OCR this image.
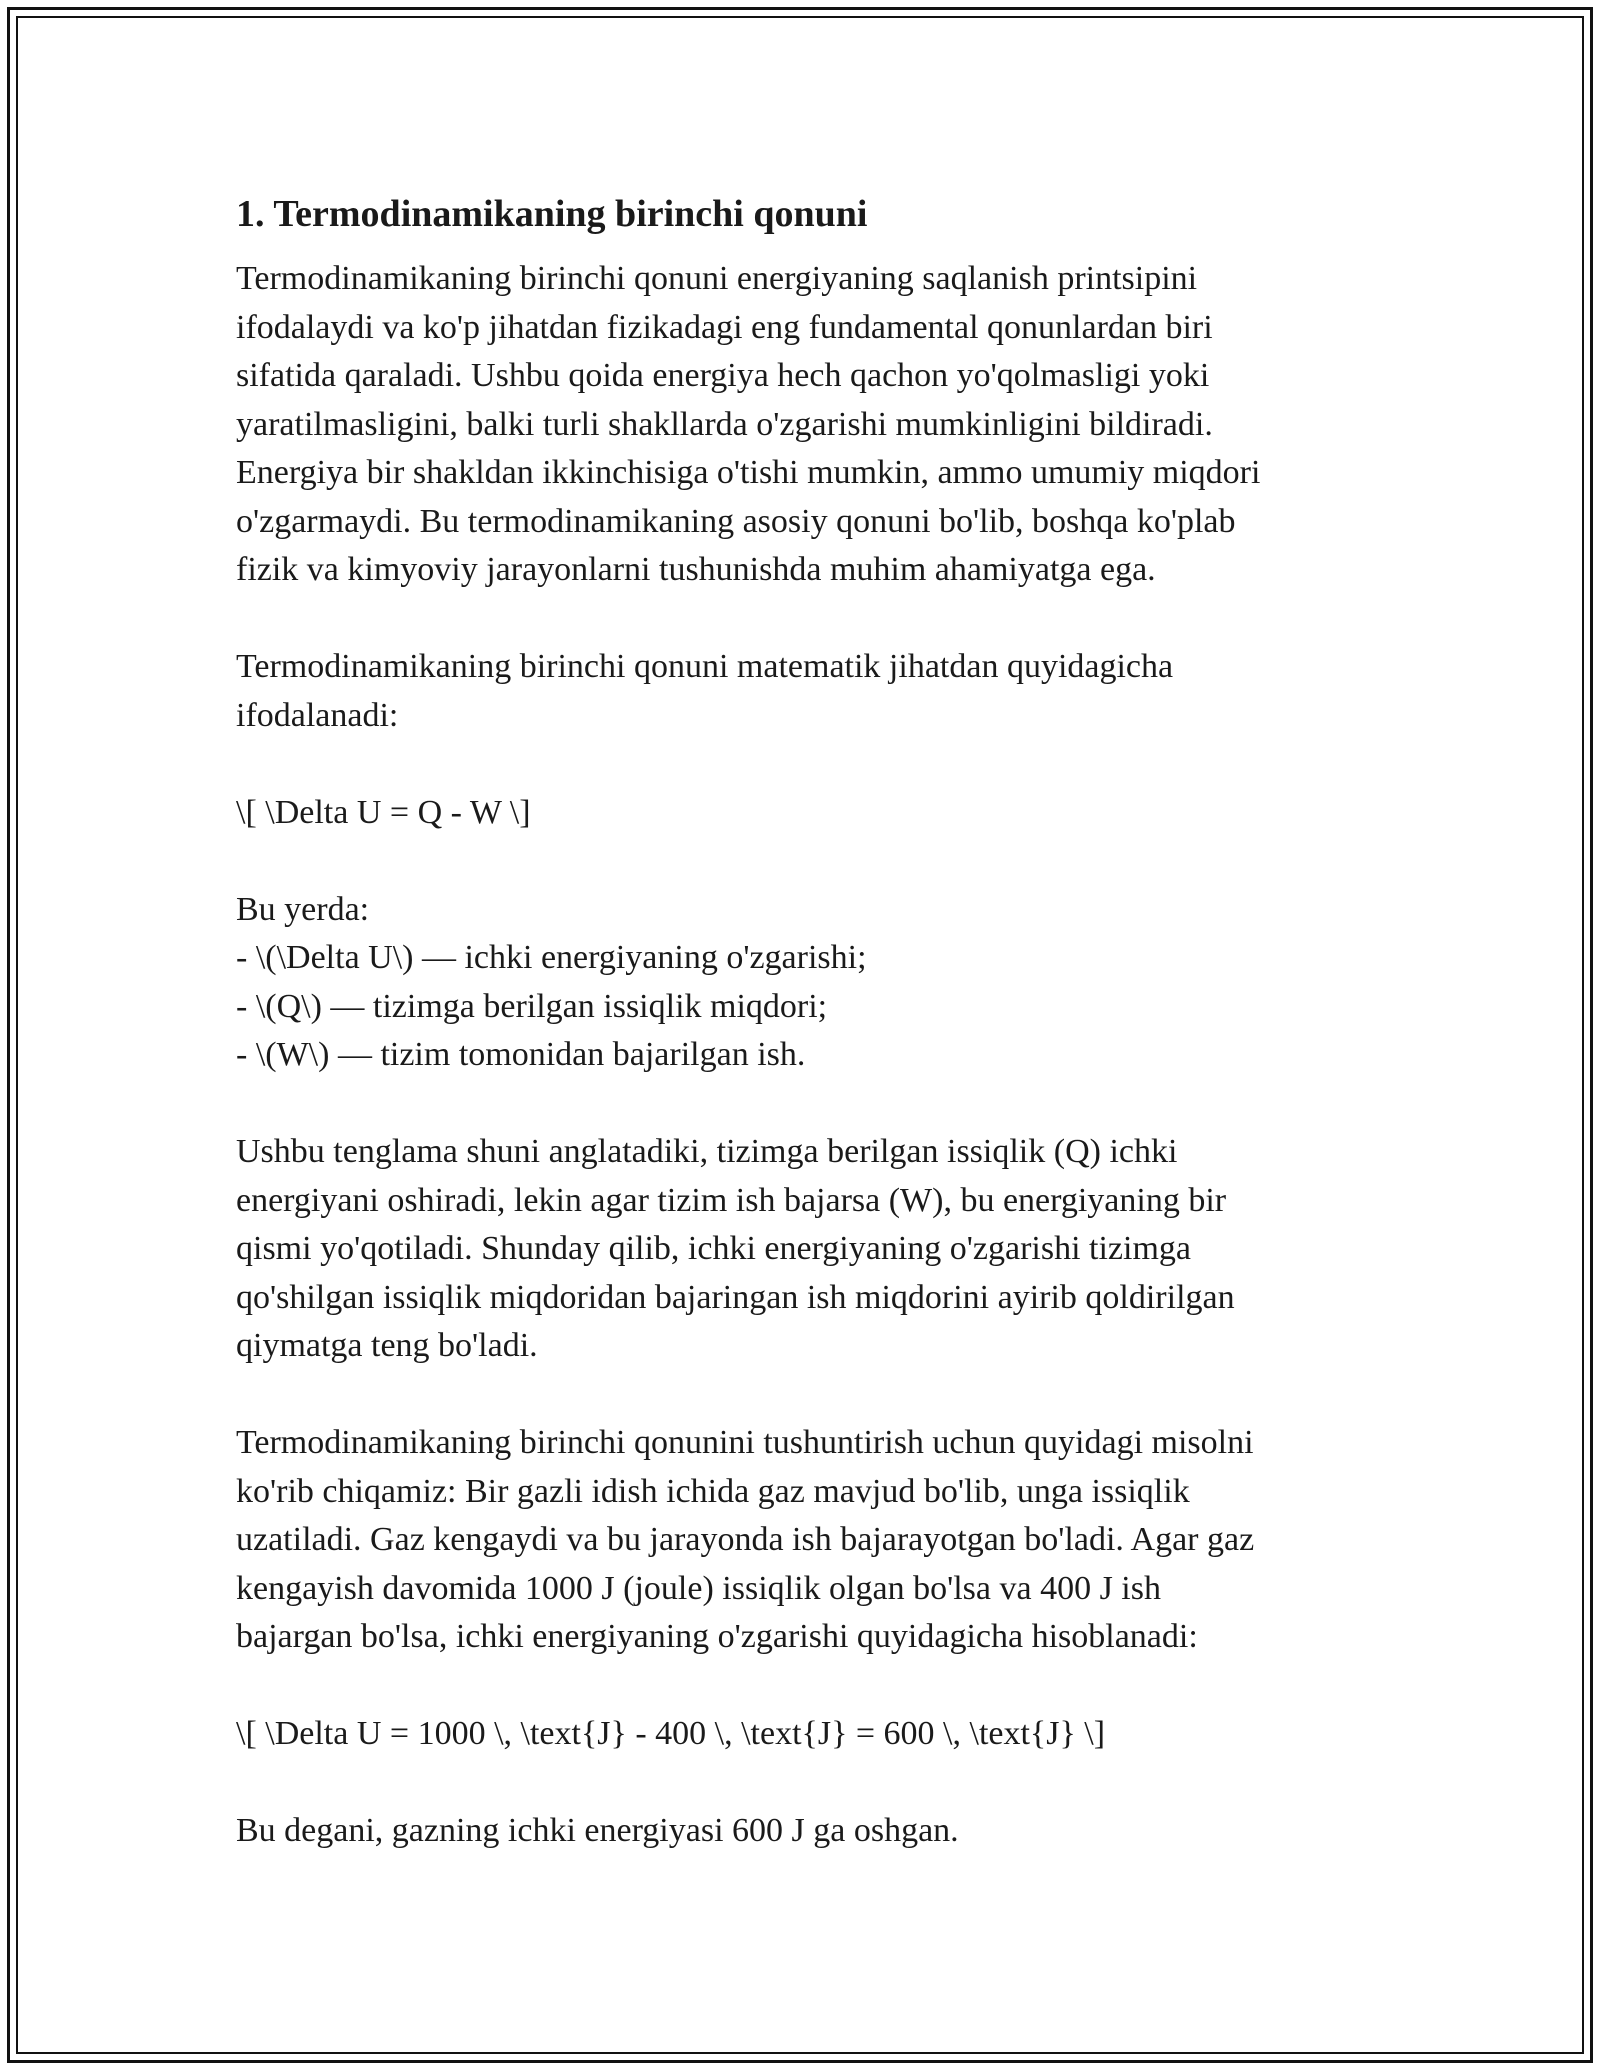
1. Termodinamikaning birinchi qonuni

Termodinamikaning birinchi qonuni energiyaning saqlanish printsipini
ifodalaydi va ko'p jihatdan fizikadagi eng fundamental qonunlardan biri
sifatida qaraladi. Ushbu qoida energiya hech qachon yo'qolmasligi yoki
yaratilmasligini, balki turli shakllarda o'zgarishi mumkinligini bildiradi.
Energiya bir shakldan ikkinchisiga o'tishi mumkin, ammo umumiy miqdori
o'zgarmaydi. Bu termodinamikaning asosiy qonuni bo'lib, boshqa ko'plab
fizik va kimyoviy jarayonlarni tushunishda muhim ahamiyatga ega.

Termodinamikaning birinchi qonuni matematik jihatdan quyidagicha
ifodalanadi:

\[ \Delta U = Q - W \]

Bu yerda:
- \(\Delta U\) — ichki energiyaning o'zgarishi;
- \(Q\) — tizimga berilgan issiqlik miqdori;
- \(W\) — tizim tomonidan bajarilgan ish.

Ushbu tenglama shuni anglatadiki, tizimga berilgan issiqlik (Q) ichki
energiyani oshiradi, lekin agar tizim ish bajarsa (W), bu energiyaning bir
qismi yo'qotiladi. Shunday qilib, ichki energiyaning o'zgarishi tizimga
qo'shilgan issiqlik miqdoridan bajaringan ish miqdorini ayirib qoldirilgan
qiymatga teng bo'ladi.

Termodinamikaning birinchi qonunini tushuntirish uchun quyidagi misolni
ko'rib chiqamiz: Bir gazli idish ichida gaz mavjud bo'lib, unga issiqlik
uzatiladi. Gaz kengaydi va bu jarayonda ish bajarayotgan bo'ladi. Agar gaz
kengayish davomida 1000 J (joule) issiqlik olgan bo'lsa va 400 J ish
bajargan bo'lsa, ichki energiyaning o'zgarishi quyidagicha hisoblanadi:

\[ \Delta U = 1000 \, \text{J} - 400 \, \text{J} = 600 \, \text{J} \]

Bu degani, gazning ichki energiyasi 600 J ga oshgan.
